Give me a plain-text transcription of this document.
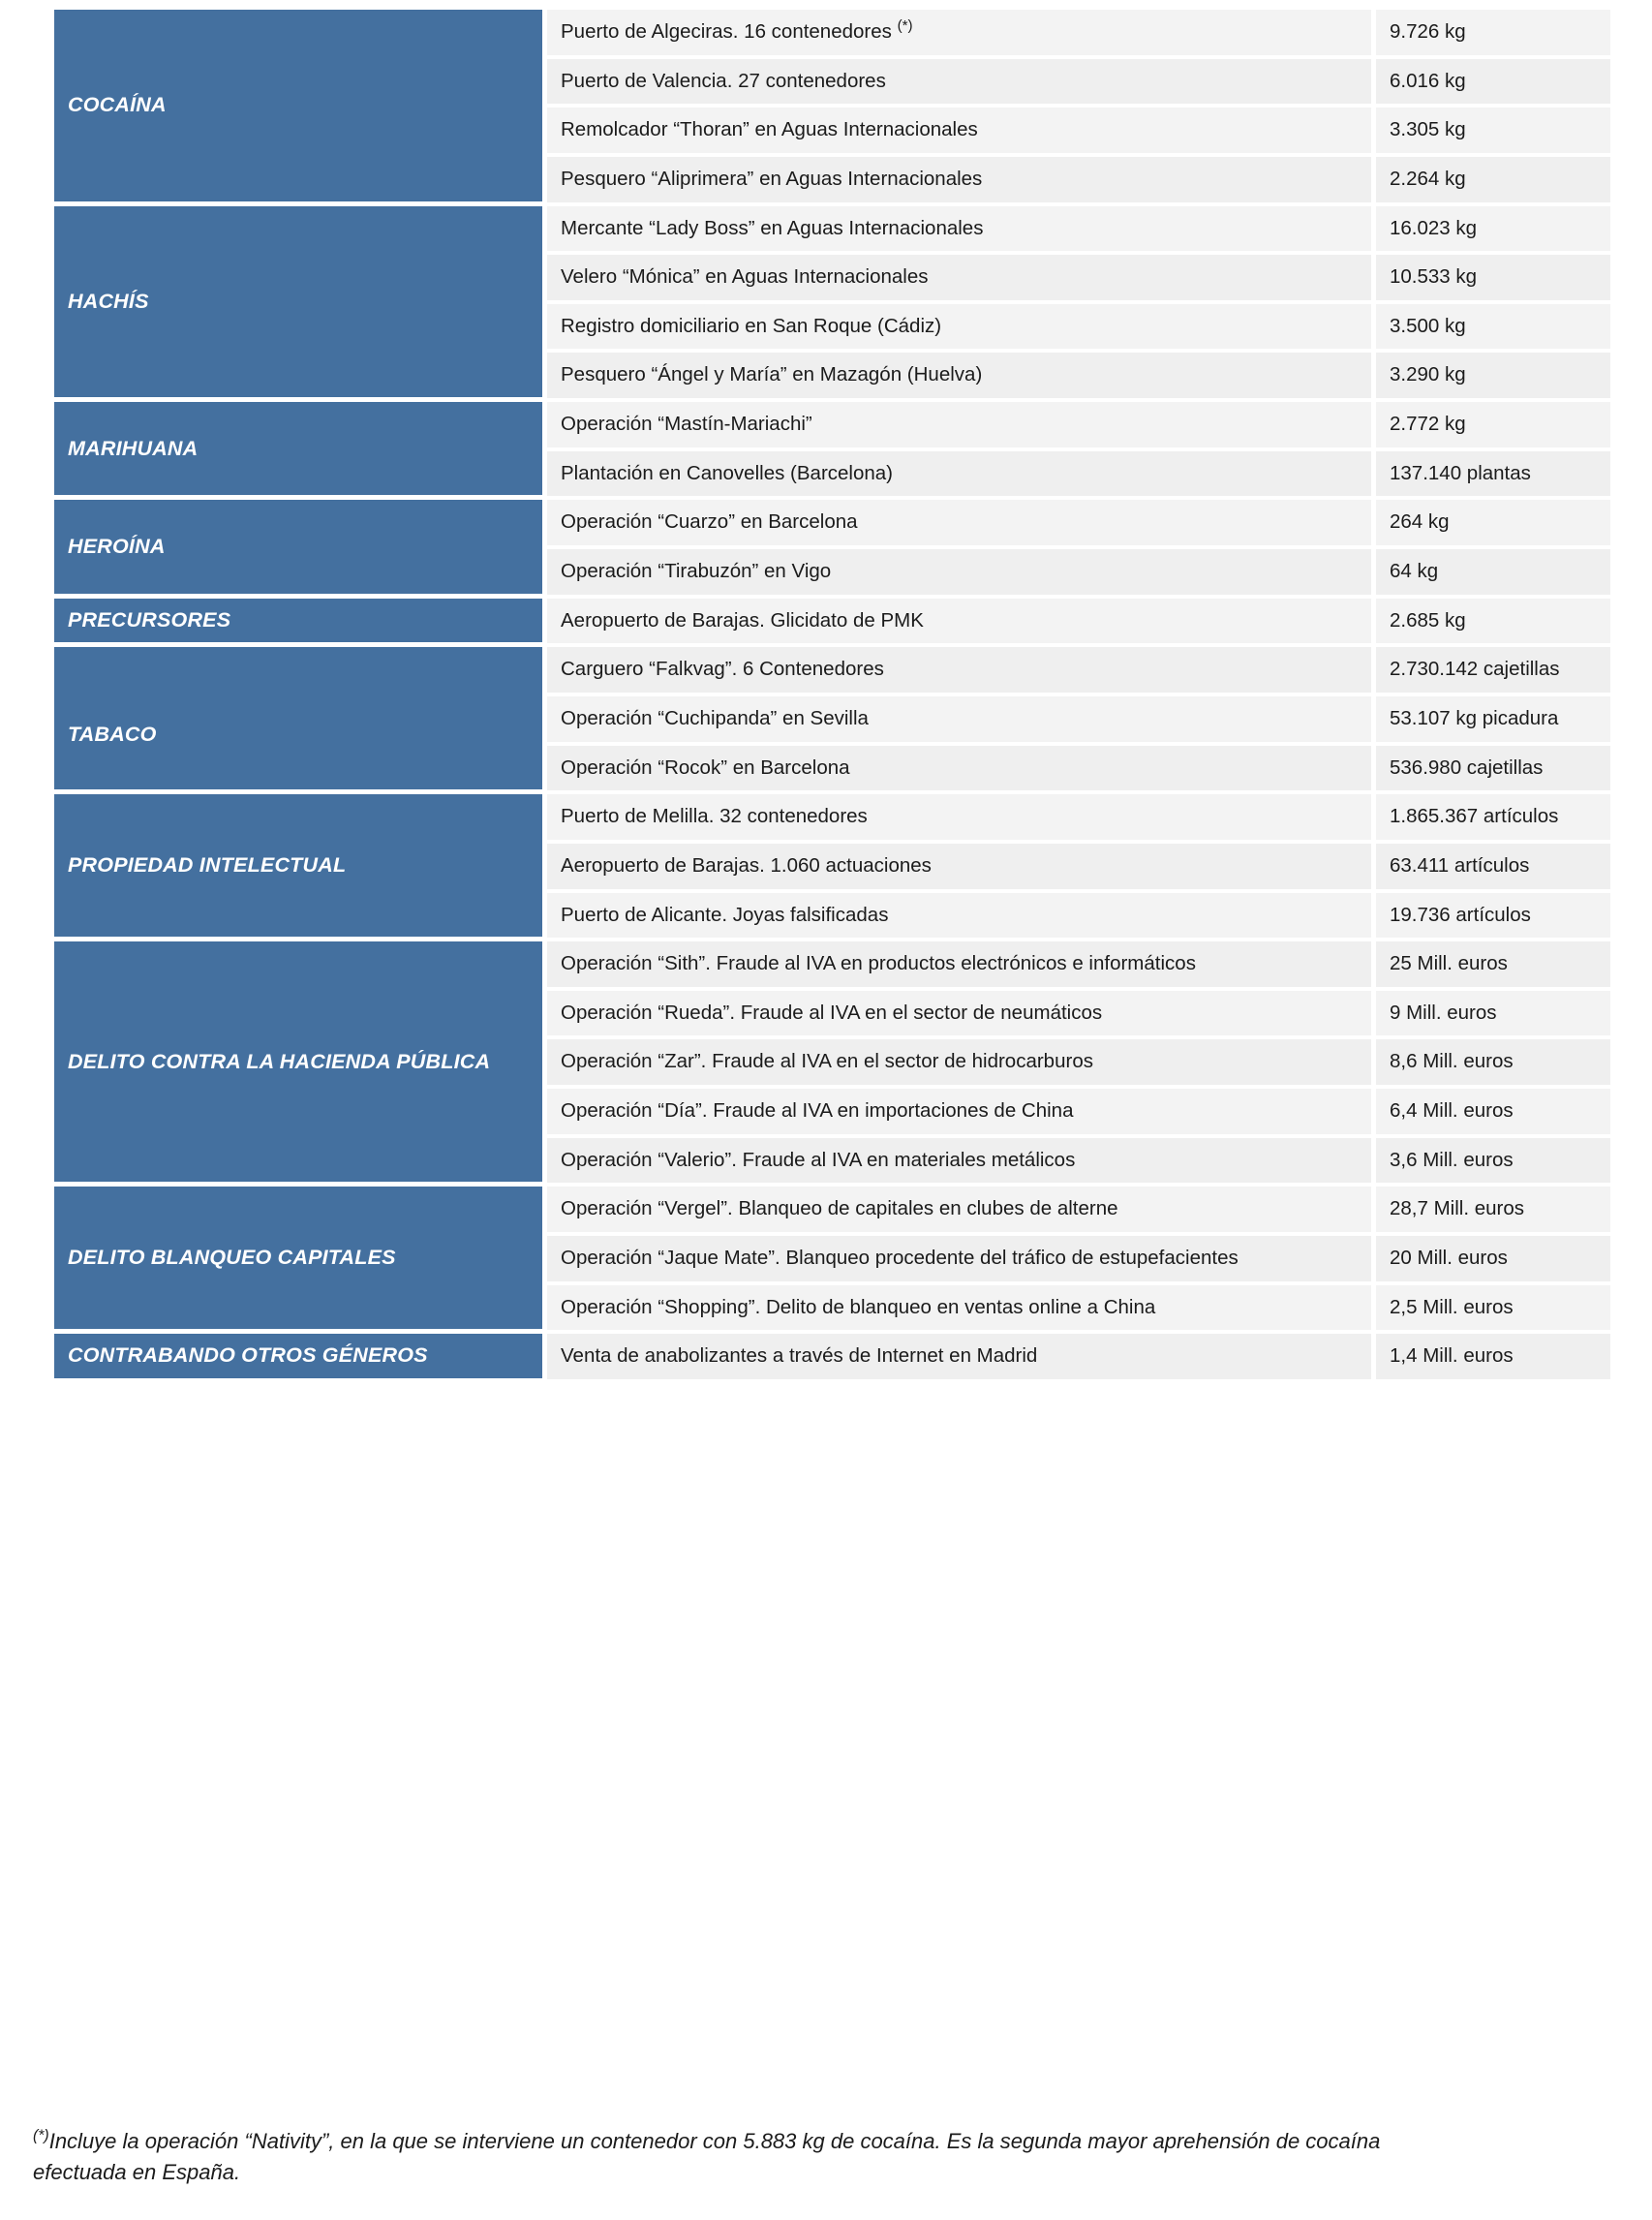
COCAÍNA	Puerto de Algeciras. 16 contenedores (*)	9.726 kg
	Puerto de Valencia. 27 contenedores	6.016 kg
	Remolcador “Thoran” en Aguas Internacionales	3.305 kg
	Pesquero “Aliprimera” en Aguas Internacionales	2.264 kg

HACHÍS	Mercante “Lady Boss” en Aguas Internacionales	16.023 kg
	Velero “Mónica” en Aguas Internacionales	10.533 kg
	Registro domiciliario en San Roque (Cádiz)	3.500 kg
	Pesquero “Ángel y María” en Mazagón (Huelva)	3.290 kg

MARIHUANA	Operación “Mastín-Mariachi”	2.772 kg
	Plantación en Canovelles (Barcelona)	137.140 plantas

HEROÍNA	Operación “Cuarzo” en Barcelona	264 kg
	Operación “Tirabuzón” en Vigo	64 kg

PRECURSORES	Aeropuerto de Barajas. Glicidato de PMK	2.685 kg

TABACO	Carguero “Falkvag”. 6 Contenedores	2.730.142 cajetillas
	Operación “Cuchipanda” en Sevilla	53.107 kg picadura
	Operación “Rocok” en Barcelona	536.980 cajetillas

PROPIEDAD INTELECTUAL	Puerto de Melilla. 32 contenedores	1.865.367 artículos
	Aeropuerto de Barajas. 1.060 actuaciones	63.411 artículos
	Puerto de Alicante. Joyas falsificadas	19.736 artículos

DELITO CONTRA LA HACIENDA PÚBLICA	Operación “Sith”. Fraude al IVA en productos electrónicos e informáticos	25 Mill. euros
	Operación “Rueda”. Fraude al IVA en el sector de neumáticos	9 Mill. euros
	Operación “Zar”. Fraude al IVA en el sector de hidrocarburos	8,6 Mill. euros
	Operación “Día”. Fraude al IVA en importaciones de China	6,4 Mill. euros
	Operación “Valerio”. Fraude al IVA en materiales metálicos	3,6 Mill. euros

DELITO BLANQUEO CAPITALES	Operación “Vergel”. Blanqueo de capitales en clubes de alterne	28,7 Mill. euros
	Operación “Jaque Mate”. Blanqueo procedente del tráfico de estupefacientes	20 Mill. euros
	Operación “Shopping”. Delito de blanqueo en ventas online a China	2,5 Mill. euros

CONTRABANDO OTROS GÉNEROS	Venta de anabolizantes a través de Internet en Madrid	1,4 Mill. euros
(*)Incluye la operación “Nativity”, en la que se interviene un contenedor con 5.883 kg de cocaína. Es la segunda mayor aprehensión de cocaína efectuada en España.
